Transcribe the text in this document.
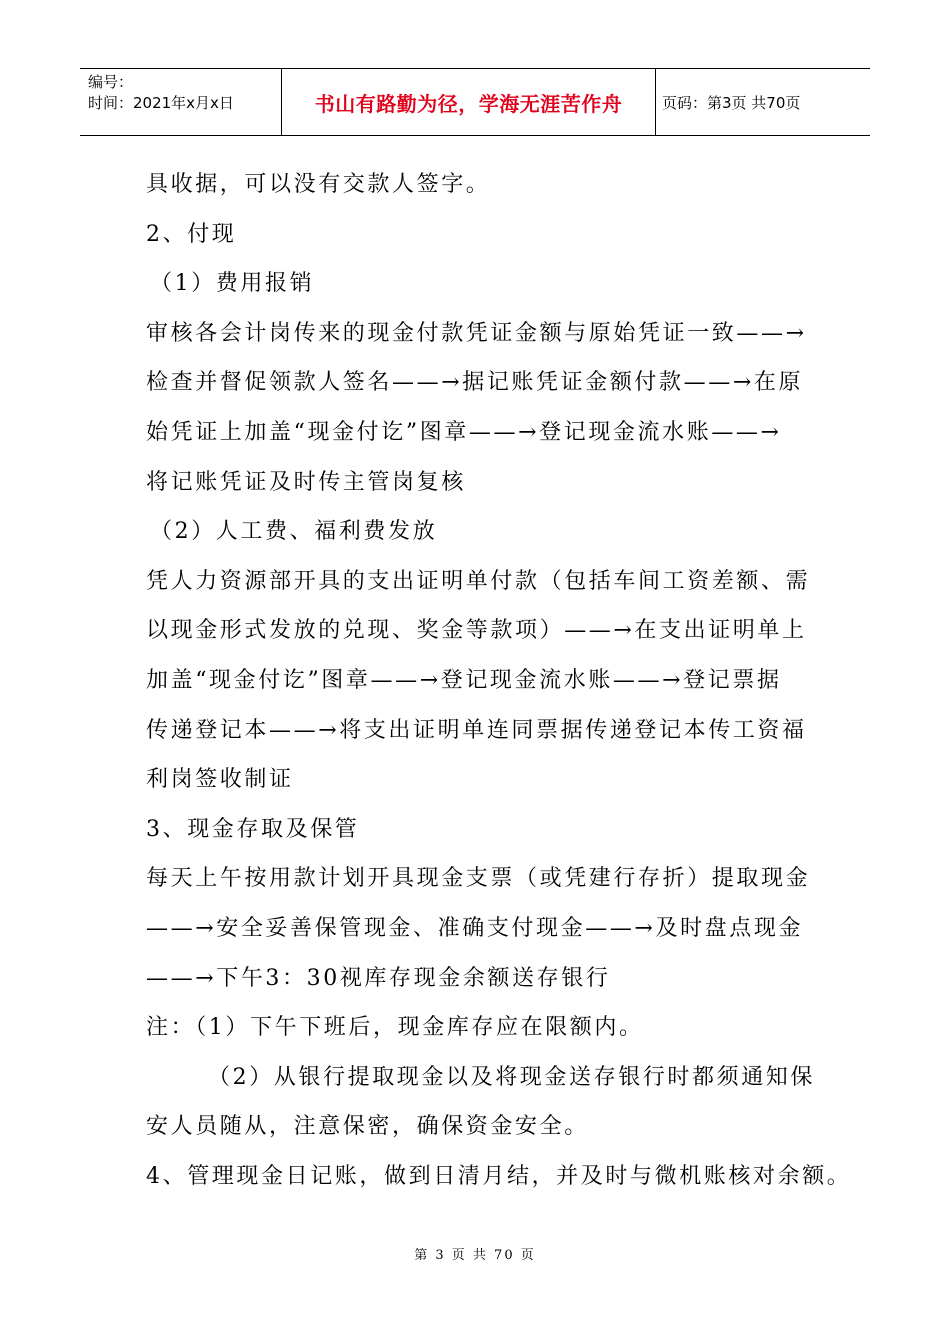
编号：
时间：2021年x月x日	书山有路勤为径，学海无涯苦作舟	页码：第3页 共70页
具收据，可以没有交款人签字。
2、付现
（1）费用报销
审核各会计岗传来的现金付款凭证金额与原始凭证一致——→
检查并督促领款人签名——→据记账凭证金额付款——→在原
始凭证上加盖“现金付讫”图章——→登记现金流水账——→
将记账凭证及时传主管岗复核
（2）人工费、福利费发放
凭人力资源部开具的支出证明单付款（包括车间工资差额、需
以现金形式发放的兑现、奖金等款项）——→在支出证明单上
加盖“现金付讫”图章——→登记现金流水账——→登记票据
传递登记本——→将支出证明单连同票据传递登记本传工资福
利岗签收制证
3、现金存取及保管
每天上午按用款计划开具现金支票（或凭建行存折）提取现金
——→安全妥善保管现金、准确支付现金——→及时盘点现金
——→下午3：30视库存现金余额送存银行
注：（1）下午下班后，现金库存应在限额内。
（2）从银行提取现金以及将现金送存银行时都须通知保
安人员随从，注意保密，确保资金安全。
4、管理现金日记账，做到日清月结，并及时与微机账核对余额。
第 3 页 共 70 页
